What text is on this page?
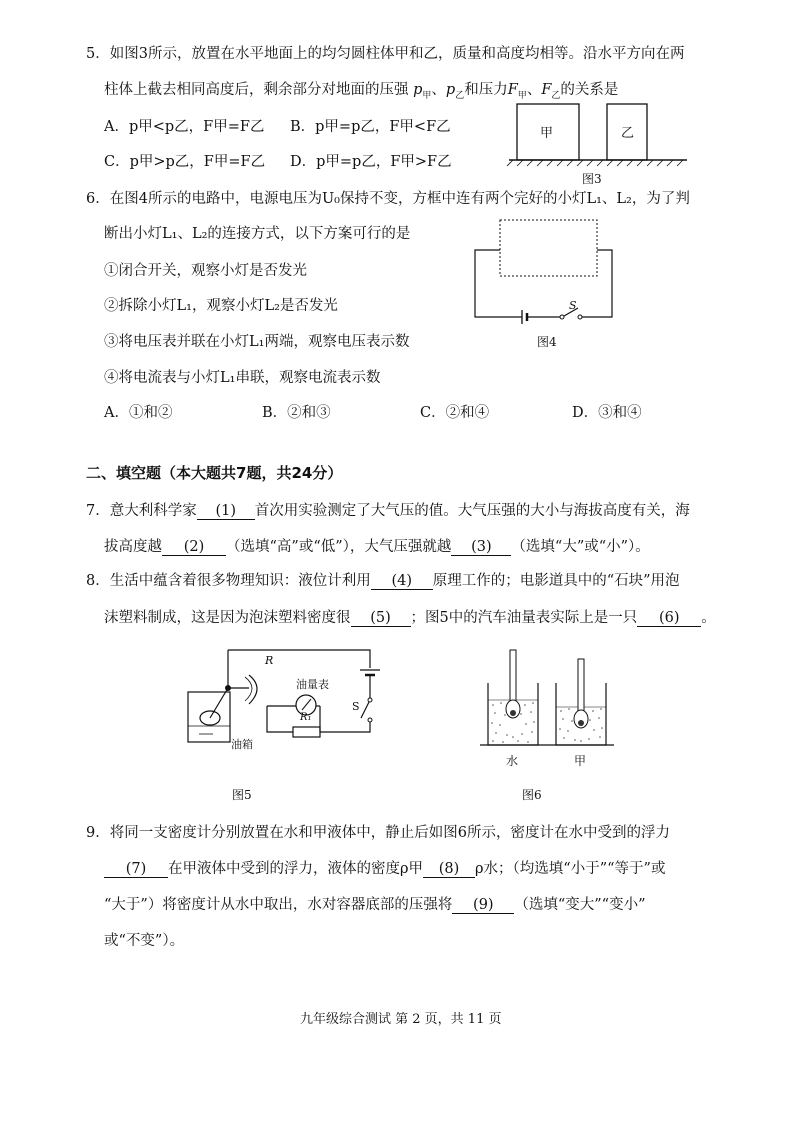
5．如图3所示，放置在水平地面上的均匀圆柱体甲和乙，质量和高度均相等。沿水平方向在两
柱体上截去相同高度后，剩余部分对地面的压强 $p_甲$、$p_乙$和压力$F_甲$、$F_乙$的关系是
A．p甲<p乙，F甲=F乙 B．p甲=p乙，F甲<F乙
C．p甲>p乙，F甲=F乙 D．p甲=p乙，F甲>F乙
甲	乙
图3
6．在图4所示的电路中，电源电压为U₀保持不变，方框中连有两个完好的小灯L₁、L₂，为了判
断出小灯L₁、L₂的连接方式，以下方案可行的是
①闭合开关，观察小灯是否发光
②拆除小灯L₁，观察小灯L₂是否发光
③将电压表并联在小灯L₁两端，观察电压表示数
④将电流表与小灯L₁串联，观察电流表示数
A．①和②	B．②和③	C．②和④	D．③和④
S
图4
二、填空题（本大题共7题，共24分）
7．意大利科学家 (1) 首次用实验测定了大气压的值。大气压强的大小与海拔高度有关，海
拔高度越 (2) （选填“高”或“低”），大气压强就越 (3) （选填“大”或“小”）。
8．生活中蕴含着很多物理知识：液位计利用 (4) 原理工作的；电影道具中的“石块”用泡
沫塑料制成，这是因为泡沫塑料密度很 (5) ；图5中的汽车油量表实际上是一只 (6) 。
R
油量表
R₁
S
油箱
图5
水	甲
图6
9．将同一支密度计分别放置在水和甲液体中，静止后如图6所示，密度计在水中受到的浮力
(7) 在甲液体中受到的浮力，液体的密度ρ甲 (8) ρ水；（均选填“小于”“等于”或
“大于”）将密度计从水中取出，水对容器底部的压强将 (9) （选填“变大”“变小”
或“不变”）。
九年级综合测试 第 2 页，共 11 页
